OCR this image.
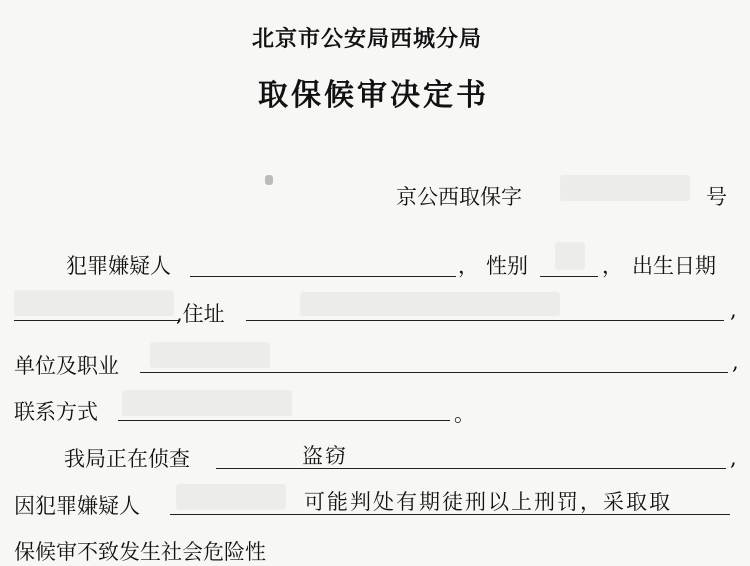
北京市公安局西城分局
取保候审决定书
京公西取保字	号
犯罪嫌疑人	， 性别	， 出生日期
,住址	,
单位及职业	,
联系方式	。
我局正在侦查	盗窃	,
因犯罪嫌疑人	可能判处有期徒刑以上刑罚，采取取
保候审不致发生社会危险性
